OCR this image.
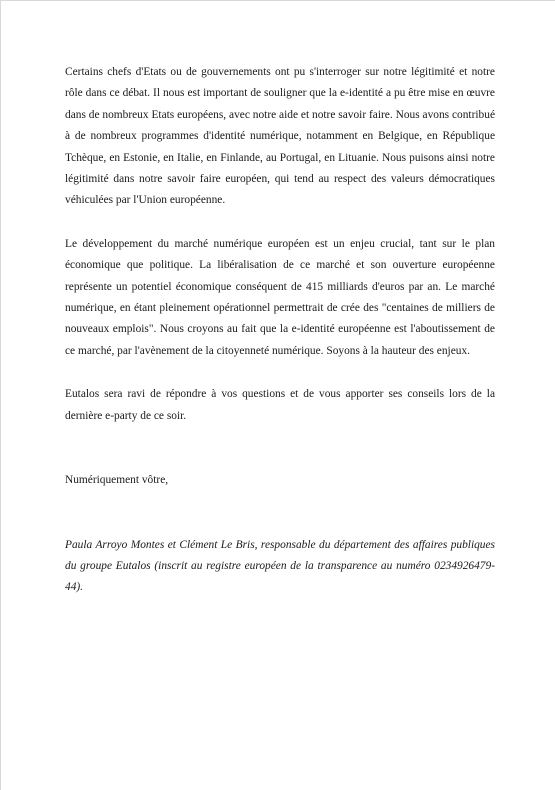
Certains chefs d'Etats ou de gouvernements ont pu s'interroger sur notre légitimité et notre rôle dans ce débat. Il nous est important de souligner que la e-identité a pu être mise en œuvre dans de nombreux Etats européens, avec notre aide et notre savoir faire. Nous avons contribué à de nombreux programmes d'identité numérique, notamment en Belgique, en République Tchèque, en Estonie, en Italie, en Finlande, au Portugal, en Lituanie. Nous puisons ainsi notre légitimité dans notre savoir faire européen, qui tend au respect des valeurs démocratiques véhiculées par l'Union européenne.

Le développement du marché numérique européen est un enjeu crucial, tant sur le plan économique que politique. La libéralisation de ce marché et son ouverture européenne représente un potentiel économique conséquent de 415 milliards d'euros par an. Le marché numérique, en étant pleinement opérationnel permettrait de crée des "centaines de milliers de nouveaux emplois". Nous croyons au fait que la e-identité européenne est l'aboutissement de ce marché, par l'avènement de la citoyenneté numérique. Soyons à la hauteur des enjeux.

Eutalos sera ravi de répondre à vos questions et de vous apporter ses conseils lors de la dernière e-party de ce soir.

Numériquement vôtre,

Paula Arroyo Montes et Clément Le Bris, responsable du département des affaires publiques du groupe Eutalos (inscrit au registre européen de la transparence au numéro 0234926479-44).
